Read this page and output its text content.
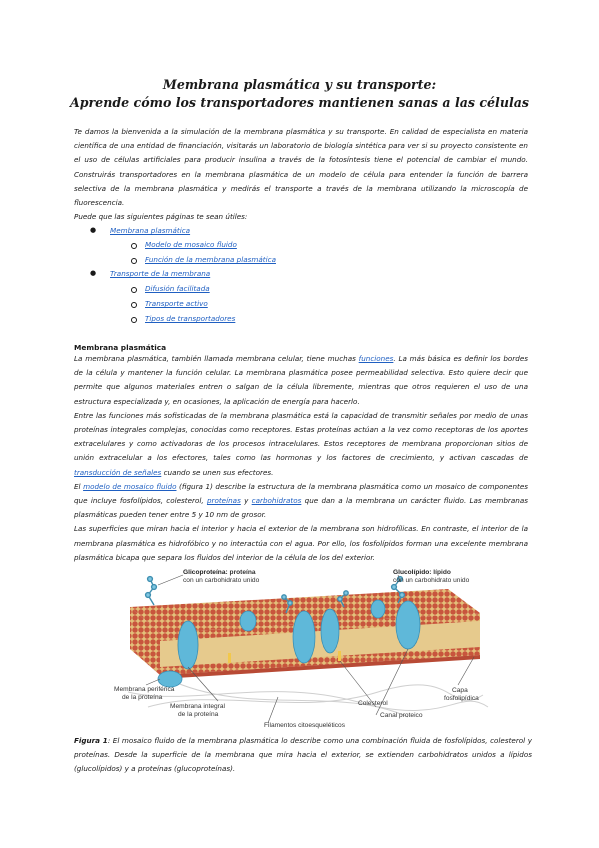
Membrana plasmática y su transporte:
Aprende cómo los transportadores mantienen sanas a las células

Te damos la bienvenida a la simulación de la membrana plasmática y su transporte. En calidad de especialista en materia científica de una entidad de financiación, visitarás un laboratorio de biología sintética para ver si su proyecto consistente en el uso de células artificiales para producir insulina a través de la fotosíntesis tiene el potencial de cambiar el mundo. Construirás transportadores en la membrana plasmática de un modelo de célula para entender la función de barrera selectiva de la membrana plasmática y medirás el transporte a través de la membrana utilizando la microscopía de fluorescencia.

Puede que las siguientes páginas te sean útiles:

● Membrana plasmática
Modelo de mosaico fluido
Función de la membrana plasmática
● Transporte de la membrana
Difusión facilitada
Transporte activo
Tipos de transportadores
Membrana plasmática

La membrana plasmática, también llamada membrana celular, tiene muchas funciones. La más básica es definir los bordes de la célula y mantener la función celular. La membrana plasmática posee permeabilidad selectiva. Esto quiere decir que permite que algunos materiales entren o salgan de la célula libremente, mientras que otros requieren el uso de una estructura especializada y, en ocasiones, la aplicación de energía para hacerlo.

Entre las funciones más sofisticadas de la membrana plasmática está la capacidad de transmitir señales por medio de unas proteínas integrales complejas, conocidas como receptores. Estas proteínas actúan a la vez como receptoras de los aportes extracelulares y como activadoras de los procesos intracelulares. Estos receptores de membrana proporcionan sitios de unión extracelular a los efectores, tales como las hormonas y los factores de crecimiento, y activan cascadas de transducción de señales cuando se unen sus efectores.

El modelo de mosaico fluido (figura 1) describe la estructura de la membrana plasmática como un mosaico de componentes que incluye fosfolípidos, colesterol, proteínas y carbohidratos que dan a la membrana un carácter fluido. Las membranas plasmáticas pueden tener entre 5 y 10 nm de grosor.

Las superficies que miran hacia el interior y hacia el exterior de la membrana son hidrofílicas. En contraste, el interior de la membrana plasmática es hidrofóbico y no interactúa con el agua. Por ello, los fosfolípidos forman una excelente membrana plasmática bicapa que separa los fluidos del interior de la célula de los del exterior.

Glicoproteína: proteína
con un carbohidrato unido
Glucolípido: lípido
con un carbohidrato unido
Membrana periférica
de la proteína
Membrana integral
de la proteína
Filamentos citoesqueléticos
Colesterol
Canal proteico
Capa
fosfolipídica
Figura 1: El mosaico fluido de la membrana plasmática lo describe como una combinación fluida de fosfolípidos, colesterol y proteínas. Desde la superficie de la membrana que mira hacia el exterior, se extienden carbohidratos unidos a lípidos (glucolípidos) y a proteínas (glucoproteínas).
